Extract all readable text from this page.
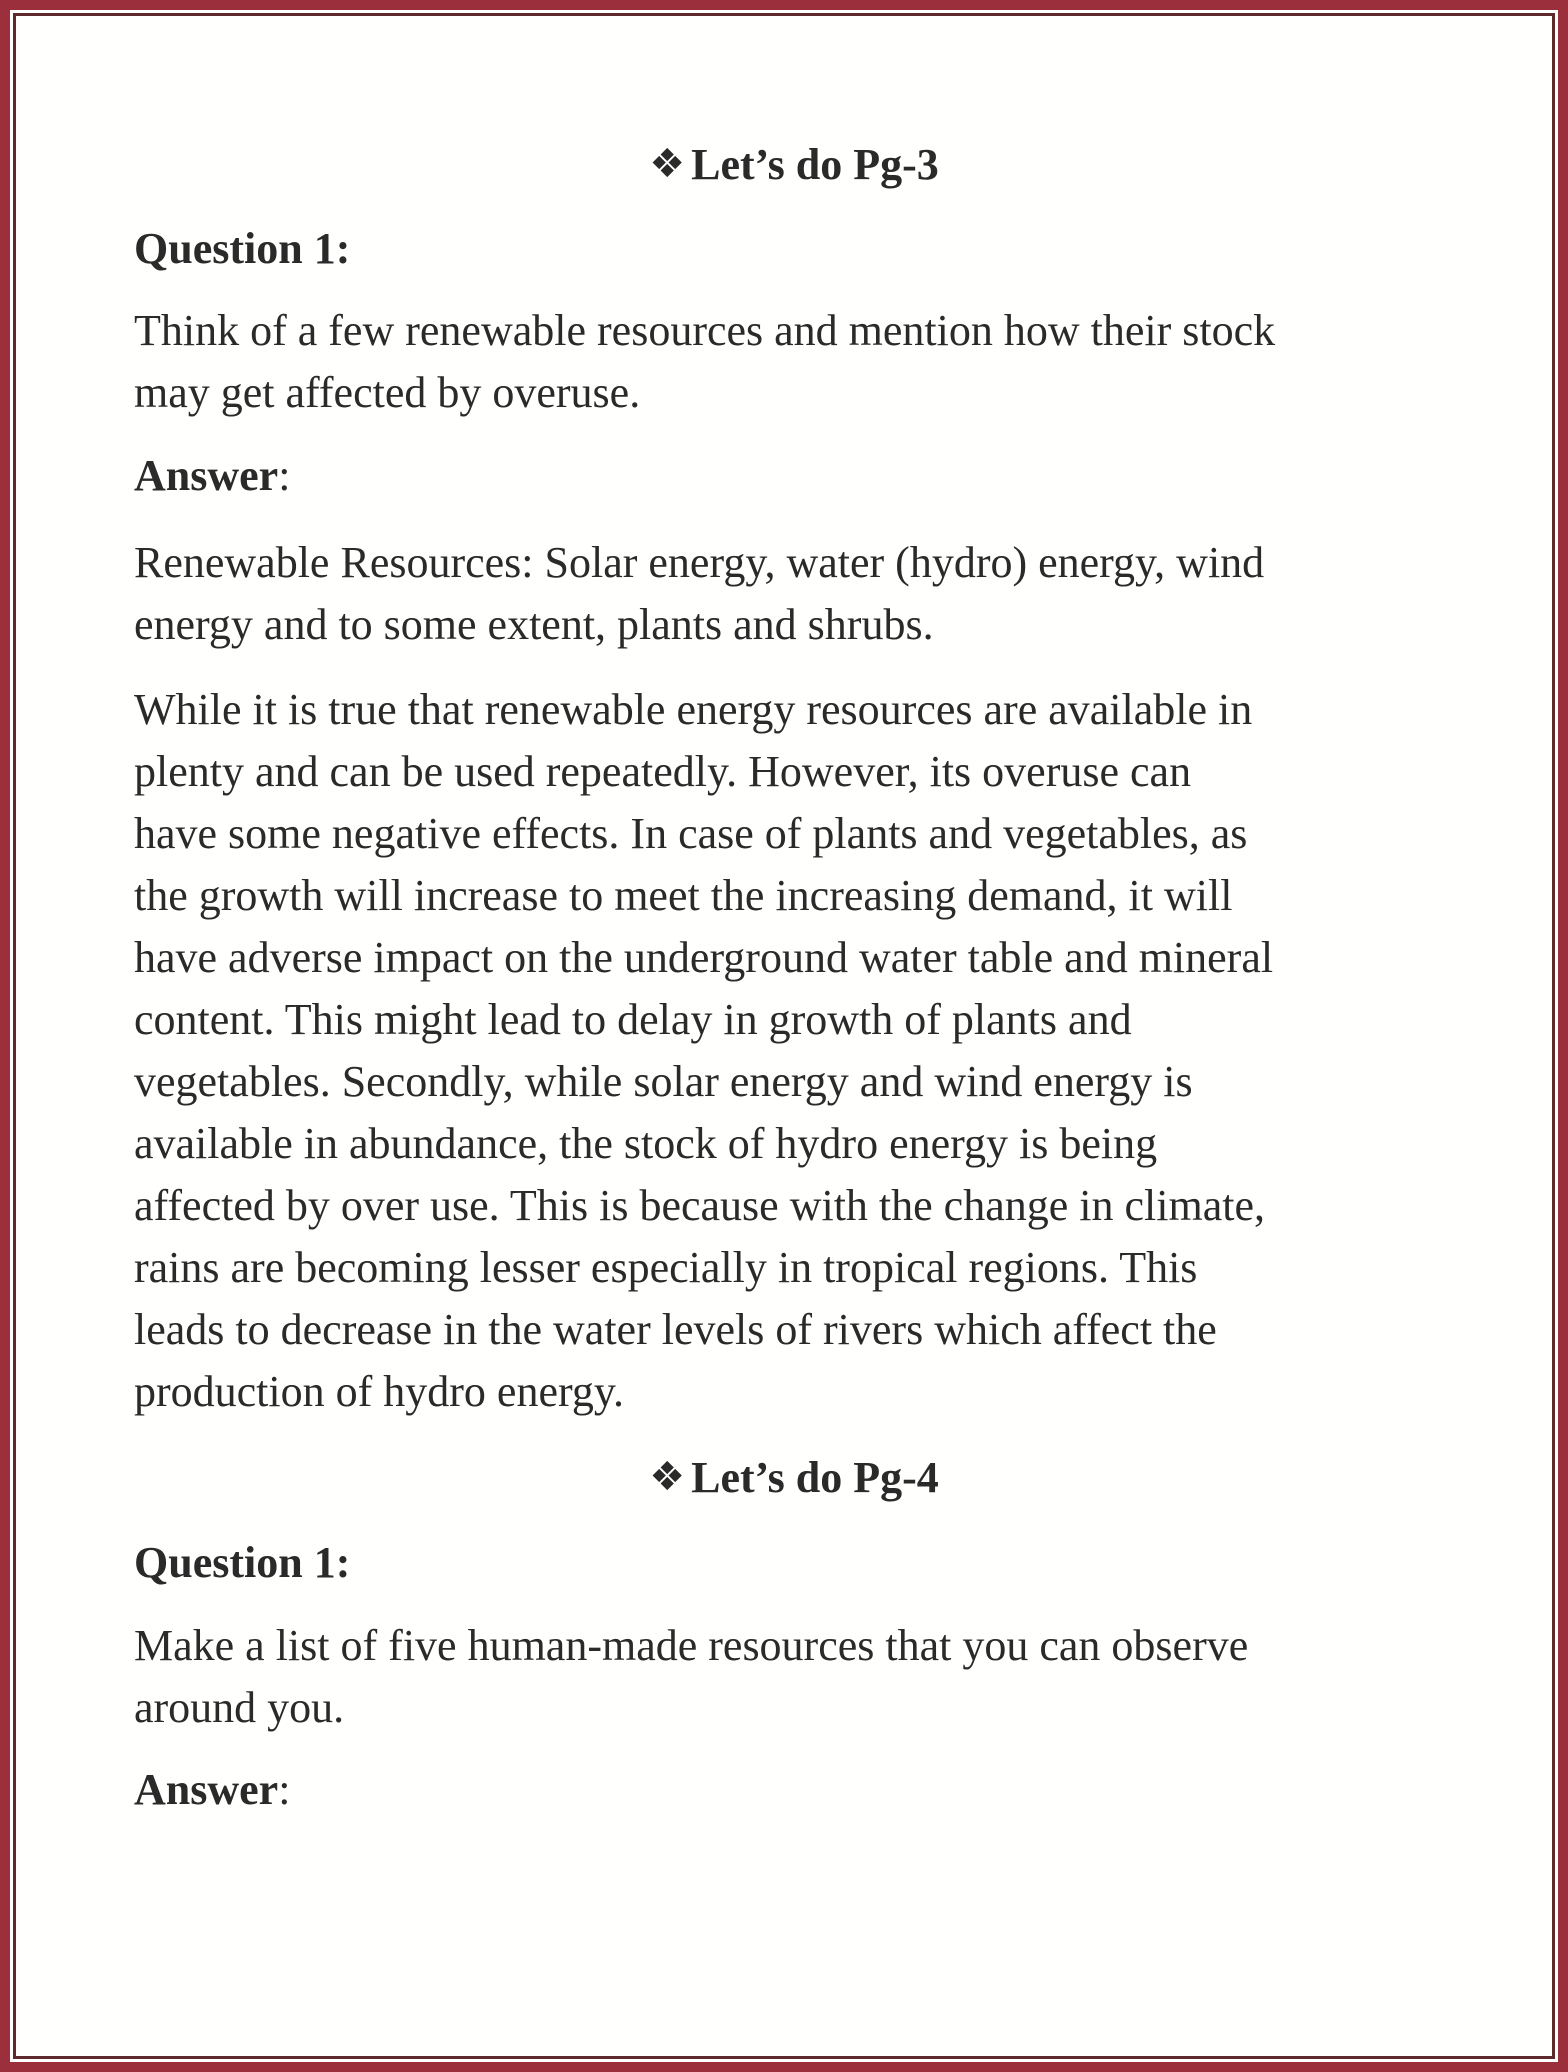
❖ Let’s do Pg-3

Question 1:

Think of a few renewable resources and mention how their stock
may get affected by overuse.

Answer:

Renewable Resources: Solar energy, water (hydro) energy, wind
energy and to some extent, plants and shrubs.

While it is true that renewable energy resources are available in
plenty and can be used repeatedly. However, its overuse can
have some negative effects. In case of plants and vegetables, as
the growth will increase to meet the increasing demand, it will
have adverse impact on the underground water table and mineral
content. This might lead to delay in growth of plants and
vegetables. Secondly, while solar energy and wind energy is
available in abundance, the stock of hydro energy is being
affected by over use. This is because with the change in climate,
rains are becoming lesser especially in tropical regions. This
leads to decrease in the water levels of rivers which affect the
production of hydro energy.

❖ Let’s do Pg-4

Question 1:

Make a list of five human-made resources that you can observe
around you.

Answer:
